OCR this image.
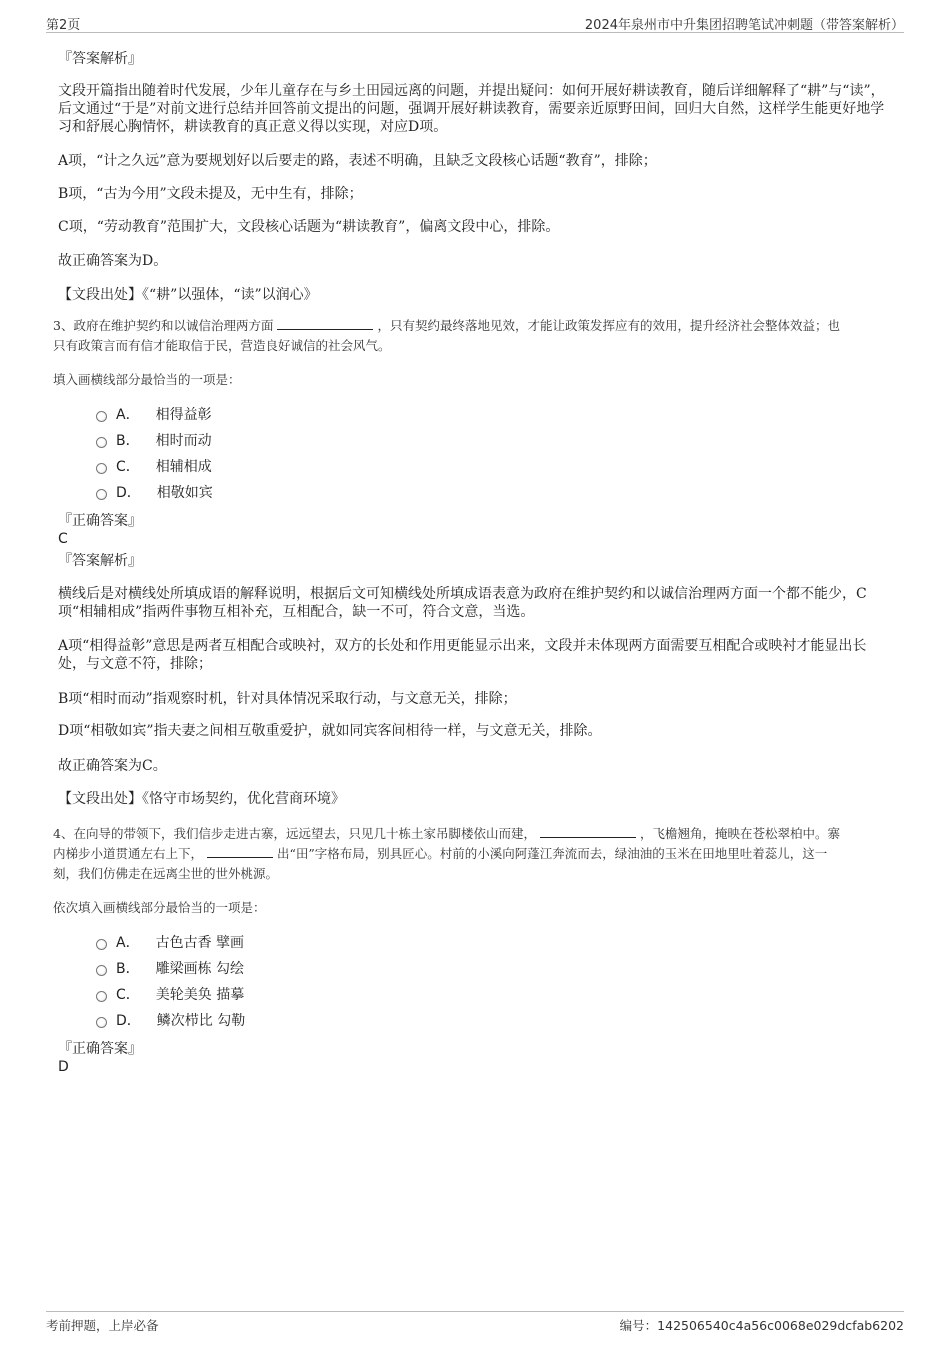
第2页	2024年泉州市中升集团招聘笔试冲刺题（带答案解析）
『答案解析』
文段开篇指出随着时代发展，少年儿童存在与乡土田园远离的问题，并提出疑问：如何开展好耕读教育，随后详细解释了“耕”与“读”，后文通过“于是”对前文进行总结并回答前文提出的问题，强调开展好耕读教育，需要亲近原野田间，回归大自然，这样学生能更好地学习和舒展心胸情怀，耕读教育的真正意义得以实现，对应D项。
A项，“计之久远”意为要规划好以后要走的路，表述不明确，且缺乏文段核心话题“教育”，排除；
B项，“古为今用”文段未提及，无中生有，排除；
C项，“劳动教育”范围扩大，文段核心话题为“耕读教育”，偏离文段中心，排除。
故正确答案为D。
【文段出处】《“耕”以强体，“读”以润心》
3、政府在维护契约和以诚信治理两方面	，只有契约最终落地见效，才能让政策发挥应有的效用，提升经济社会整体效益；也
只有政策言而有信才能取信于民，营造良好诚信的社会风气。
填入画横线部分最恰当的一项是：
A． 相得益彰
B． 相时而动
C． 相辅相成
D． 相敬如宾
『正确答案』
C
『答案解析』
横线后是对横线处所填成语的解释说明，根据后文可知横线处所填成语表意为政府在维护契约和以诚信治理两方面一个都不能少，C项“相辅相成”指两件事物互相补充，互相配合，缺一不可，符合文意，当选。
A项“相得益彰”意思是两者互相配合或映衬，双方的长处和作用更能显示出来，文段并未体现两方面需要互相配合或映衬才能显出长处，与文意不符，排除；
B项“相时而动”指观察时机，针对具体情况采取行动，与文意无关，排除；
D项“相敬如宾”指夫妻之间相互敬重爱护，就如同宾客间相待一样，与文意无关，排除。
故正确答案为C。
【文段出处】《恪守市场契约，优化营商环境》
4、在向导的带领下，我们信步走进古寨，远远望去，只见几十栋土家吊脚楼依山而建，	，飞檐翘角，掩映在苍松翠柏中。寨
内梯步小道贯通左右上下，	出“田”字格布局，别具匠心。村前的小溪向阿蓬江奔流而去，绿油油的玉米在田地里吐着蕊儿，这一
刻，我们仿佛走在远离尘世的世外桃源。
依次填入画横线部分最恰当的一项是：
A． 古色古香 擘画
B． 雕梁画栋 勾绘
C． 美轮美奂 描摹
D． 鳞次栉比 勾勒
『正确答案』
D
考前押题，上岸必备	编号：142506540c4a56c0068e029dcfab6202
